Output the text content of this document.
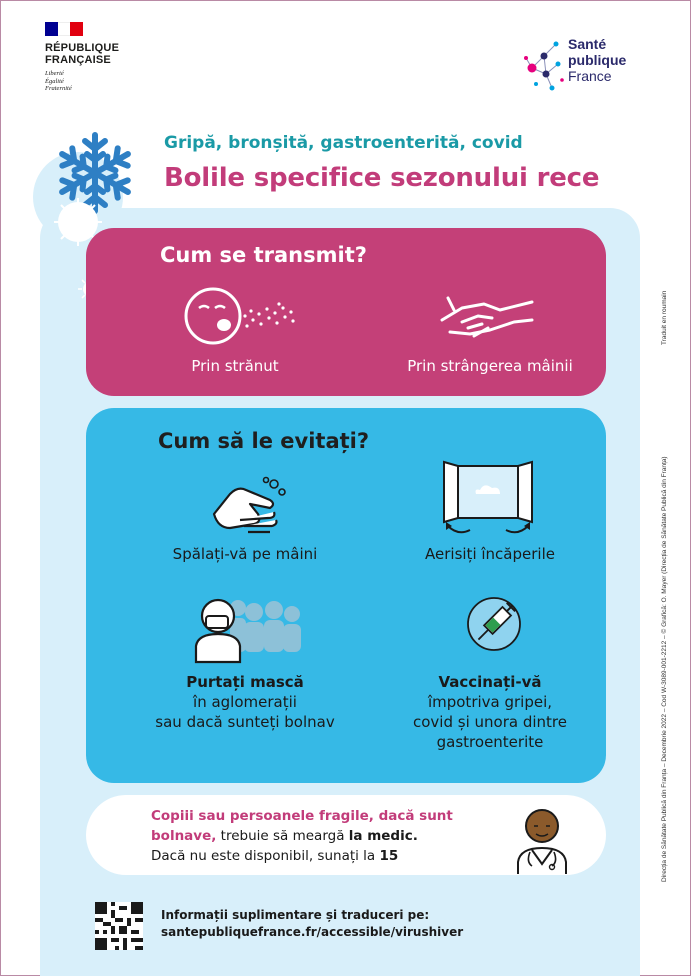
RÉPUBLIQUE
FRANÇAISE
Liberté
Égalité
Fraternité
Santé
publique
France
Gripă, bronșită, gastroenterită, covid
Bolile specifice sezonului rece
Cum se transmit?
Prin strănut	Prin strângerea mâinii
Cum să le evitați?
Spălați-vă pe mâini	Aerisiți încăperile
Purtați mască
în aglomerații
sau dacă sunteți bolnav
Vaccinați-vă
împotriva gripei,
covid și unora dintre
gastroenterite
Copiii sau persoanele fragile, dacă sunt
bolnave, trebuie să meargă la medic.
Dacă nu este disponibil, sunați la 15
Informații suplimentare și traduceri pe:
santepubliquefrance.fr/accessible/virushiver
Traduit en roumain
Direcția de Sănătate Publică din Franța – Decembrie 2022 – Cod W-3089-001-2212 – © Grafică: O. Mayer (Direcția de Sănătate Publică din Franța)
